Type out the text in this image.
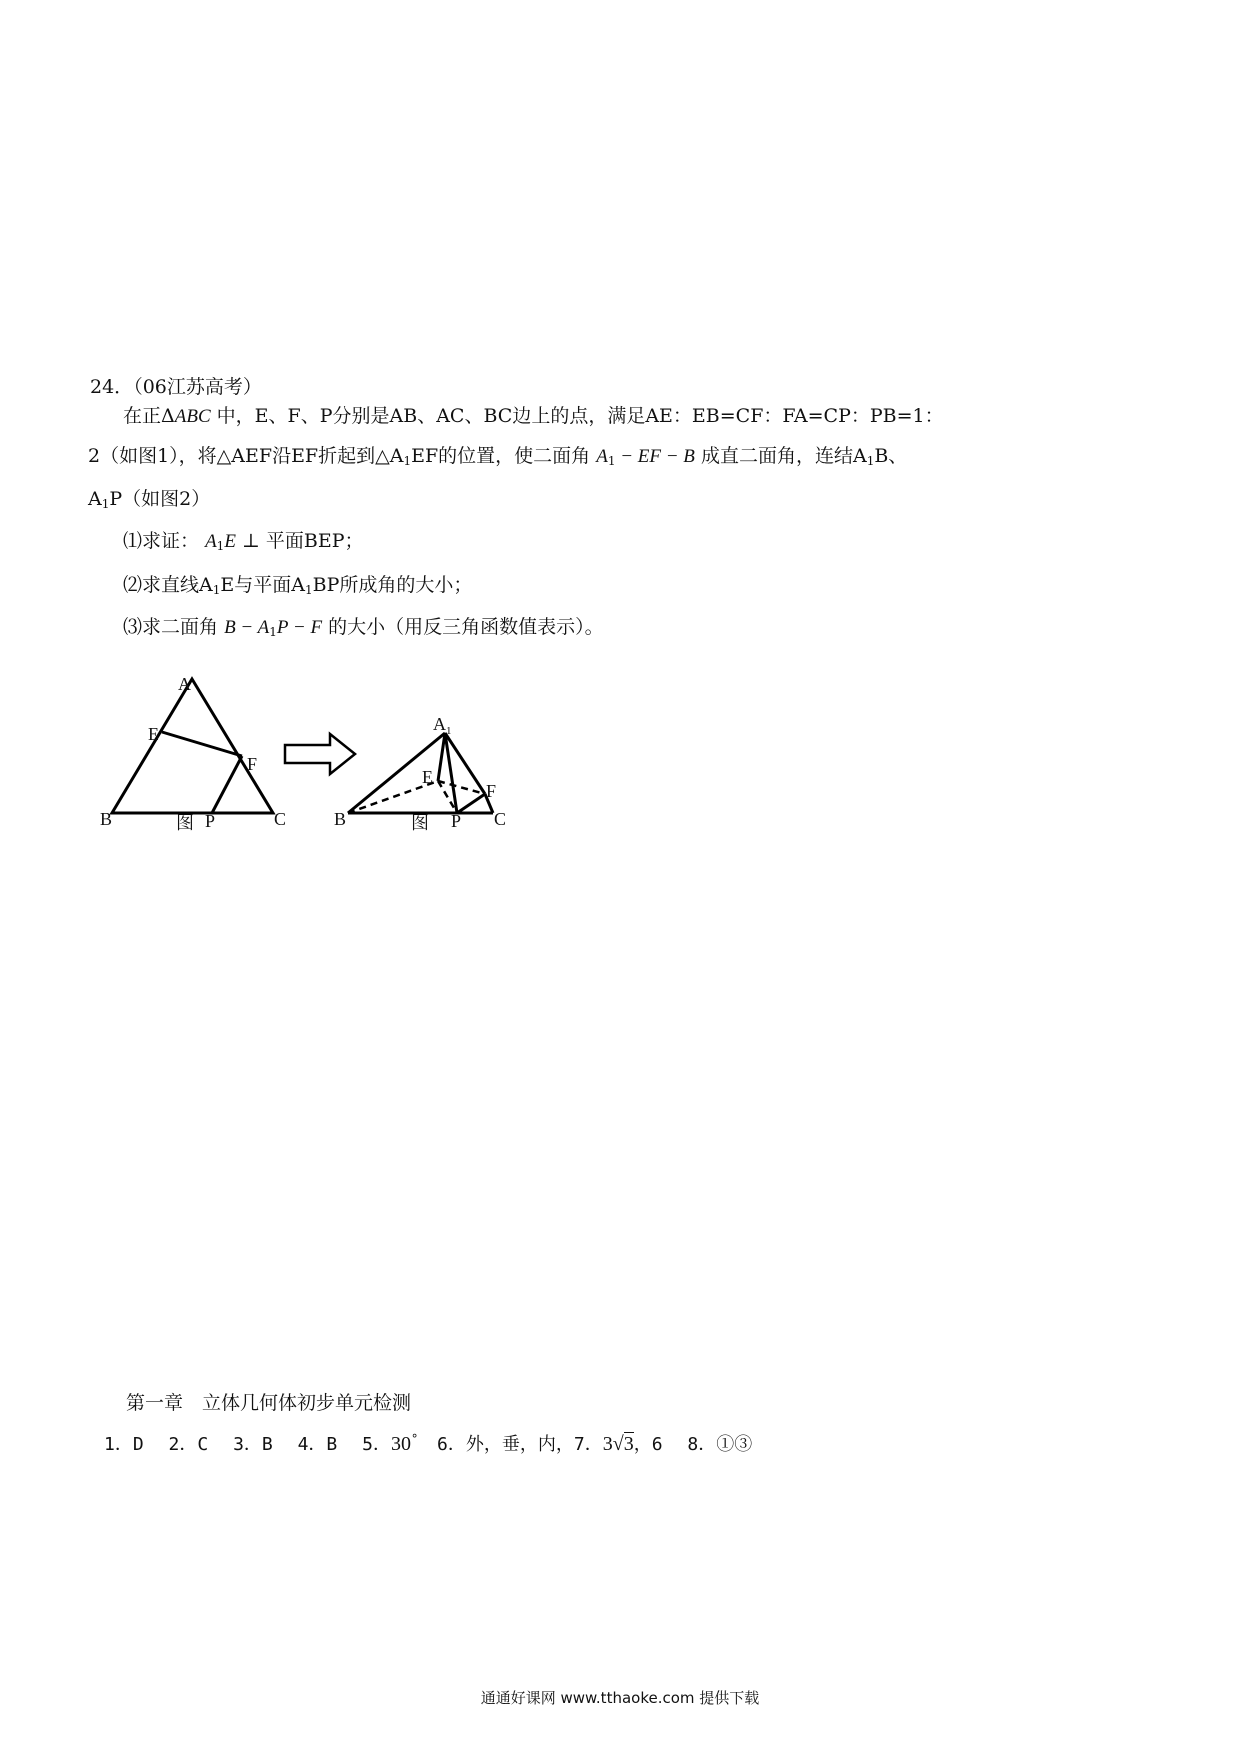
24．（06江苏高考）
在正ΔABC 中，E、F、P分别是AB、AC、BC边上的点，满足AE：EB=CF：FA=CP：PB=1：
2（如图1），将△AEF沿EF折起到$\triangle A_1EF$的位置，使二面角 $A_1$ − EF − B 成直二面角，连结$A_1B$、
$A_1P$（如图2）
⑴求证： $A_1E$ ⊥ 平面BEP；
⑵求直线$A_1E$与平面$A_1BP$所成角的大小；
⑶求二面角 $B - A_1P - F$ 的大小（用反三角函数值表示）。
A
E
F
B	P	C
图
$A_1$
E
F
B	P C
图
第一章　立体几何体初步单元检测
1．D 2．C 3．B 4．B 5．30° 6．外，垂，内，7．3√3，6 8．①③
通通好课网 www.tthaoke.com 提供下载
